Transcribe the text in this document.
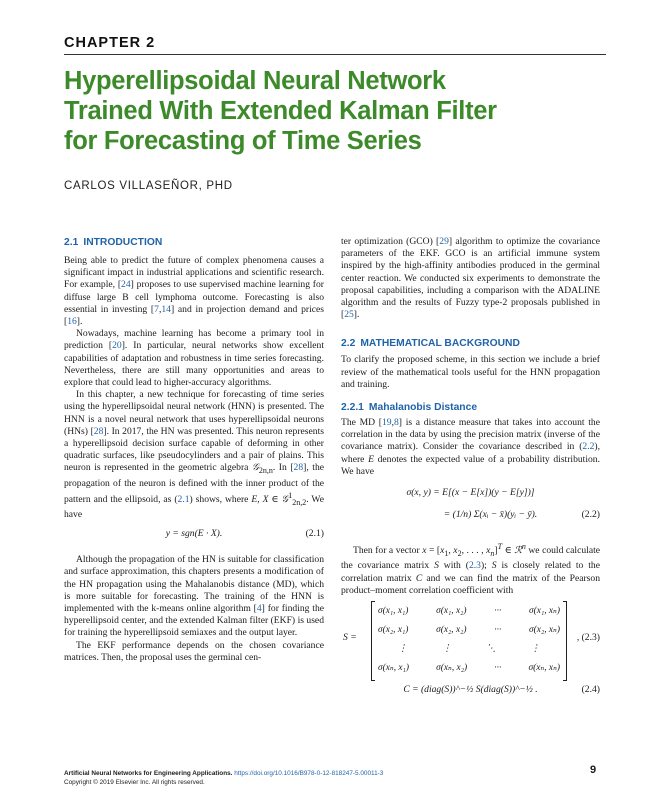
CHAPTER 2
Hyperellipsoidal Neural Network
Trained With Extended Kalman Filter
for Forecasting of Time Series
CARLOS VILLASEÑOR, PHD
2.1 INTRODUCTION

Being able to predict the future of complex phenomena causes a significant impact in industrial applications and scientific research. For example, [24] proposes to use supervised machine learning for diffuse large B cell lymphoma outcome. Forecasting is also essential in investing [7,14] and in projection demand and prices [16].

Nowadays, machine learning has become a primary tool in prediction [20]. In particular, neural networks show excellent capabilities of adaptation and robustness in time series forecasting. Nevertheless, there are still many opportunities and areas to explore that could lead to higher-accuracy algorithms.

In this chapter, a new technique for forecasting of time series using the hyperellipsoidal neural network (HNN) is presented. The HNN is a novel neural network that uses hyperellipsoidal neurons (HNs) [28]. In 2017, the HN was presented. This neuron represents a hyperellipsoid decision surface capable of deforming in other quadratic surfaces, like pseudocylinders and a pair of plains. This neuron is represented in the geometric algebra 𝒢$_{2n,n}$. In [28], the propagation of the neuron is defined with the inner product of the pattern and the ellipsoid, as (2.1) shows, where E, X ∈ 𝒢$^1_{2n,2}$. We have

y = sgn(E · X).	(2.1)

Although the propagation of the HN is suitable for classification and surface approximation, this chapters presents a modification of the HN propagation using the Mahalanobis distance (MD), which is more suitable for forecasting. The training of the HNN is implemented with the k-means online algorithm [4] for finding the hyperellipsoid center, and the extended Kalman filter (EKF) is used for training the hyperellipsoid semiaxes and the output layer.

The EKF performance depends on the chosen covariance matrices. Then, the proposal uses the germinal cen-

ter optimization (GCO) [29] algorithm to optimize the covariance parameters of the EKF. GCO is an artificial immune system inspired by the high-affinity antibodies produced in the germinal center reaction. We conducted six experiments to demonstrate the proposal capabilities, including a comparison with the ADALINE algorithm and the results of Fuzzy type-2 proposals published in [25].

2.2 MATHEMATICAL BACKGROUND

To clarify the proposed scheme, in this section we include a brief review of the mathematical tools useful for the HNN propagation and training.

2.2.1 Mahalanobis Distance

The MD [19,8] is a distance measure that takes into account the correlation in the data by using the precision matrix (inverse of the covariance matrix). Consider the covariance described in (2.2), where E denotes the expected value of a probability distribution. We have

σ(x, y) = E[(x − E[x])(y − E[y])]
= (1/n) Σ(xᵢ − x̄)(yᵢ − ȳ).	(2.2)

Then for a vector $x = [x_1$, $x_2$, . . . , $x_n]^T$ ∈ ℛ$^n$ we could calculate the covariance matrix S with (2.3); S is closely related to the correlation matrix C and we can find the matrix of the Pearson product–moment correlation coefficient with

S =
σ(x₁, x₁)	σ(x₁, x₂)	···	σ(x₁, xₙ)
σ(x₂, x₁)	σ(x₂, x₂)	···	σ(x₂, xₙ)
⋮	⋮	⋱	⋮
σ(xₙ, x₁)	σ(xₙ, x₂)	···	σ(xₙ, xₙ)
, (2.3)
C = (diag(S))^−½ S(diag(S))^−½ .	(2.4)
Artificial Neural Networks for Engineering Applications. https://doi.org/10.1016/B978-0-12-818247-5.00011-3
Copyright © 2019 Elsevier Inc. All rights reserved.
9
